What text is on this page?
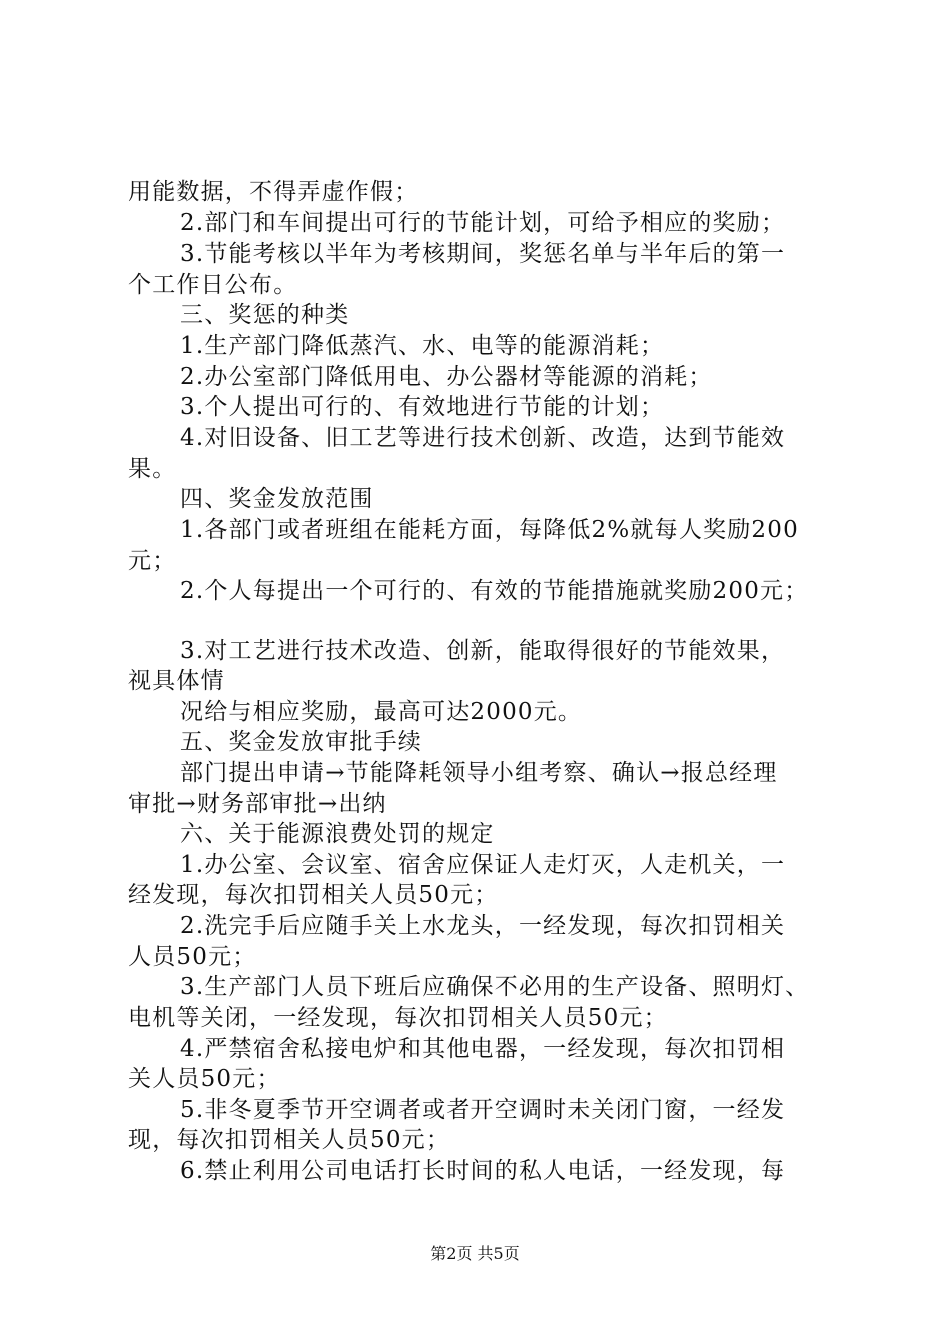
用能数据，不得弄虚作假；
2.部门和车间提出可行的节能计划，可给予相应的奖励；
3.节能考核以半年为考核期间，奖惩名单与半年后的第一
个工作日公布。
三、奖惩的种类
1.生产部门降低蒸汽、水、电等的能源消耗；
2.办公室部门降低用电、办公器材等能源的消耗；
3.个人提出可行的、有效地进行节能的计划；
4.对旧设备、旧工艺等进行技术创新、改造，达到节能效
果。
四、奖金发放范围
1.各部门或者班组在能耗方面，每降低2%就每人奖励200
元；
2.个人每提出一个可行的、有效的节能措施就奖励200元；
3.对工艺进行技术改造、创新，能取得很好的节能效果，
视具体情
况给与相应奖励，最高可达2000元。
五、奖金发放审批手续
部门提出申请→节能降耗领导小组考察、确认→报总经理
审批→财务部审批→出纳
六、关于能源浪费处罚的规定
1.办公室、会议室、宿舍应保证人走灯灭，人走机关，一
经发现，每次扣罚相关人员50元；
2.洗完手后应随手关上水龙头，一经发现，每次扣罚相关
人员50元；
3.生产部门人员下班后应确保不必用的生产设备、照明灯、
电机等关闭，一经发现，每次扣罚相关人员50元；
4.严禁宿舍私接电炉和其他电器，一经发现，每次扣罚相
关人员50元；
5.非冬夏季节开空调者或者开空调时未关闭门窗，一经发
现，每次扣罚相关人员50元；
6.禁止利用公司电话打长时间的私人电话，一经发现，每
第2页 共5页
